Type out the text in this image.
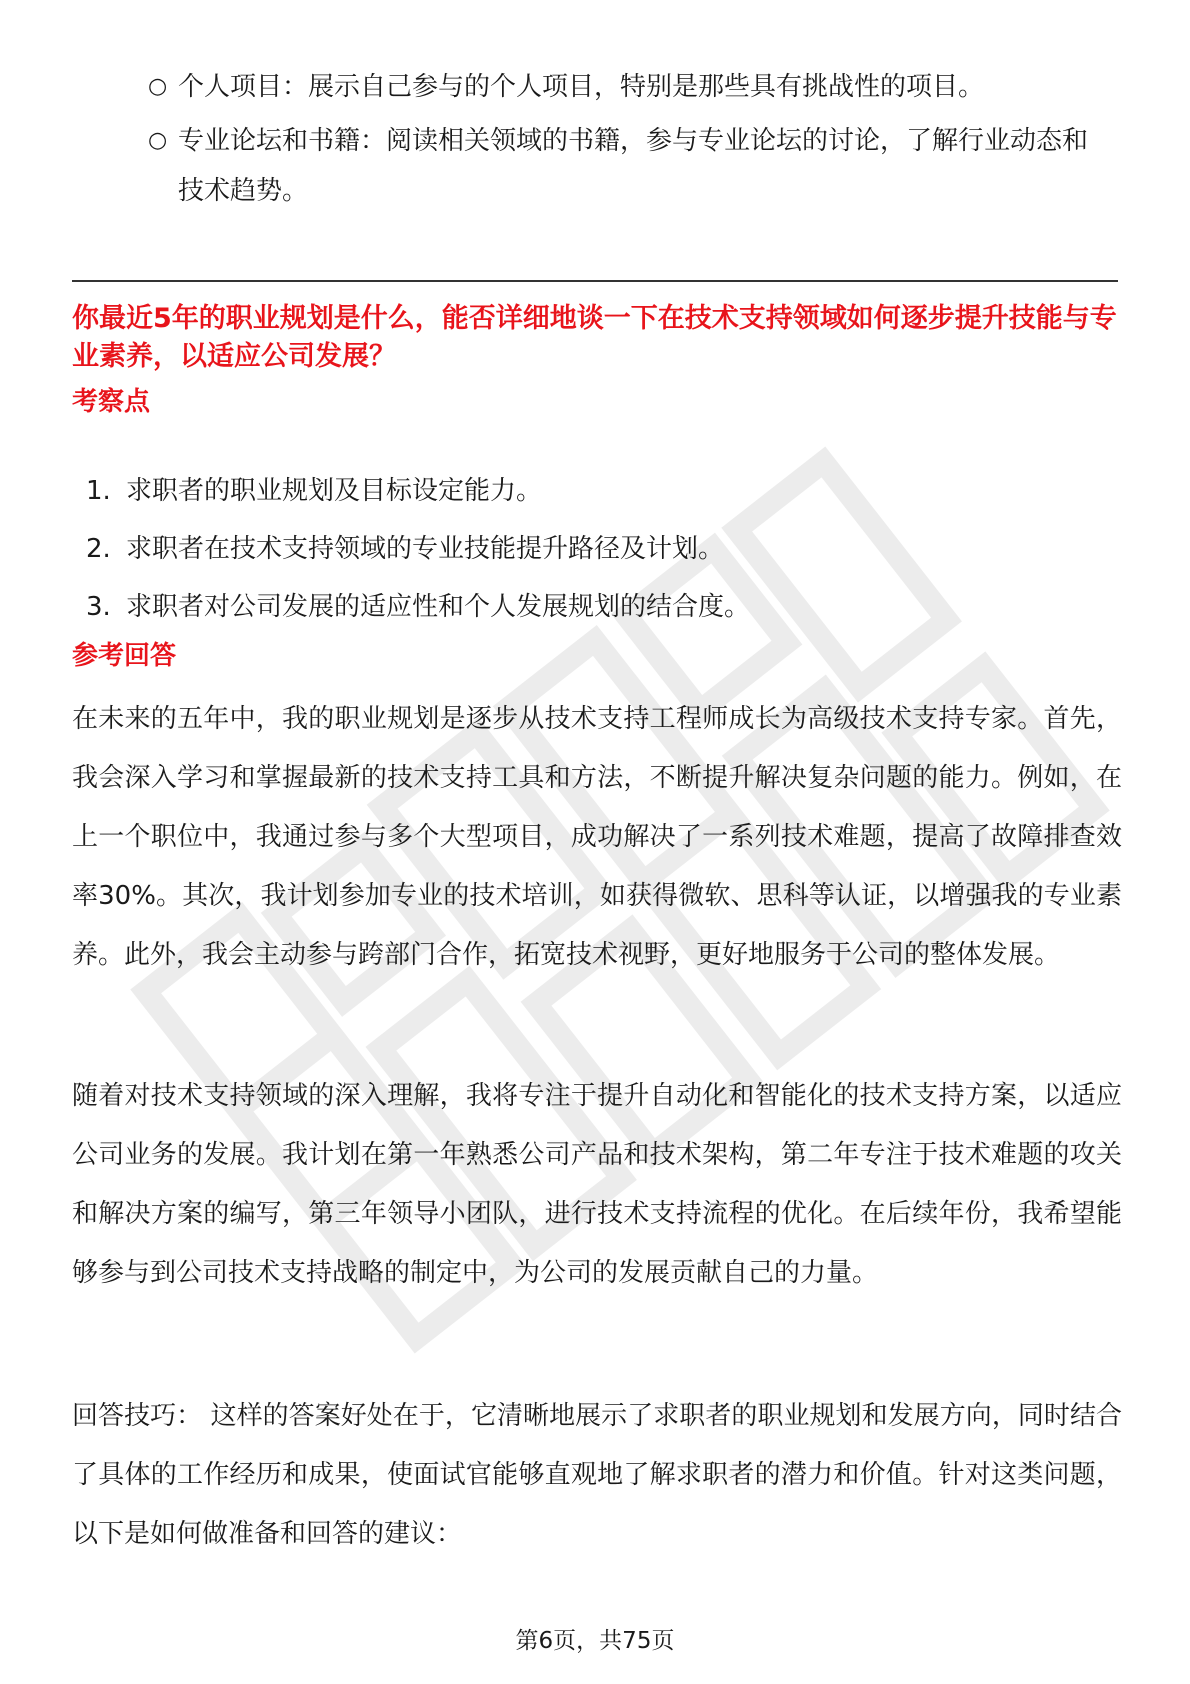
○ 个人项目：展示自己参与的个人项目，特别是那些具有挑战性的项目。
○ 专业论坛和书籍：阅读相关领域的书籍，参与专业论坛的讨论，了解行业动态和技术趋势。
你最近5年的职业规划是什么，能否详细地谈一下在技术支持领域如何逐步提升技能与专业素养，以适应公司发展？
考察点
1. 求职者的职业规划及目标设定能力。
2. 求职者在技术支持领域的专业技能提升路径及计划。
3. 求职者对公司发展的适应性和个人发展规划的结合度。
参考回答

在未来的五年中，我的职业规划是逐步从技术支持工程师成长为高级技术支持专家。首先，我会深入学习和掌握最新的技术支持工具和方法，不断提升解决复杂问题的能力。例如，在上一个职位中，我通过参与多个大型项目，成功解决了一系列技术难题，提高了故障排查效率30%。其次，我计划参加专业的技术培训，如获得微软、思科等认证，以增强我的专业素养。此外，我会主动参与跨部门合作，拓宽技术视野，更好地服务于公司的整体发展。

随着对技术支持领域的深入理解，我将专注于提升自动化和智能化的技术支持方案，以适应公司业务的发展。我计划在第一年熟悉公司产品和技术架构，第二年专注于技术难题的攻关和解决方案的编写，第三年领导小团队，进行技术支持流程的优化。在后续年份，我希望能够参与到公司技术支持战略的制定中，为公司的发展贡献自己的力量。

回答技巧： 这样的答案好处在于，它清晰地展示了求职者的职业规划和发展方向，同时结合了具体的工作经历和成果，使面试官能够直观地了解求职者的潜力和价值。针对这类问题，以下是如何做准备和回答的建议：

第6页，共75页
